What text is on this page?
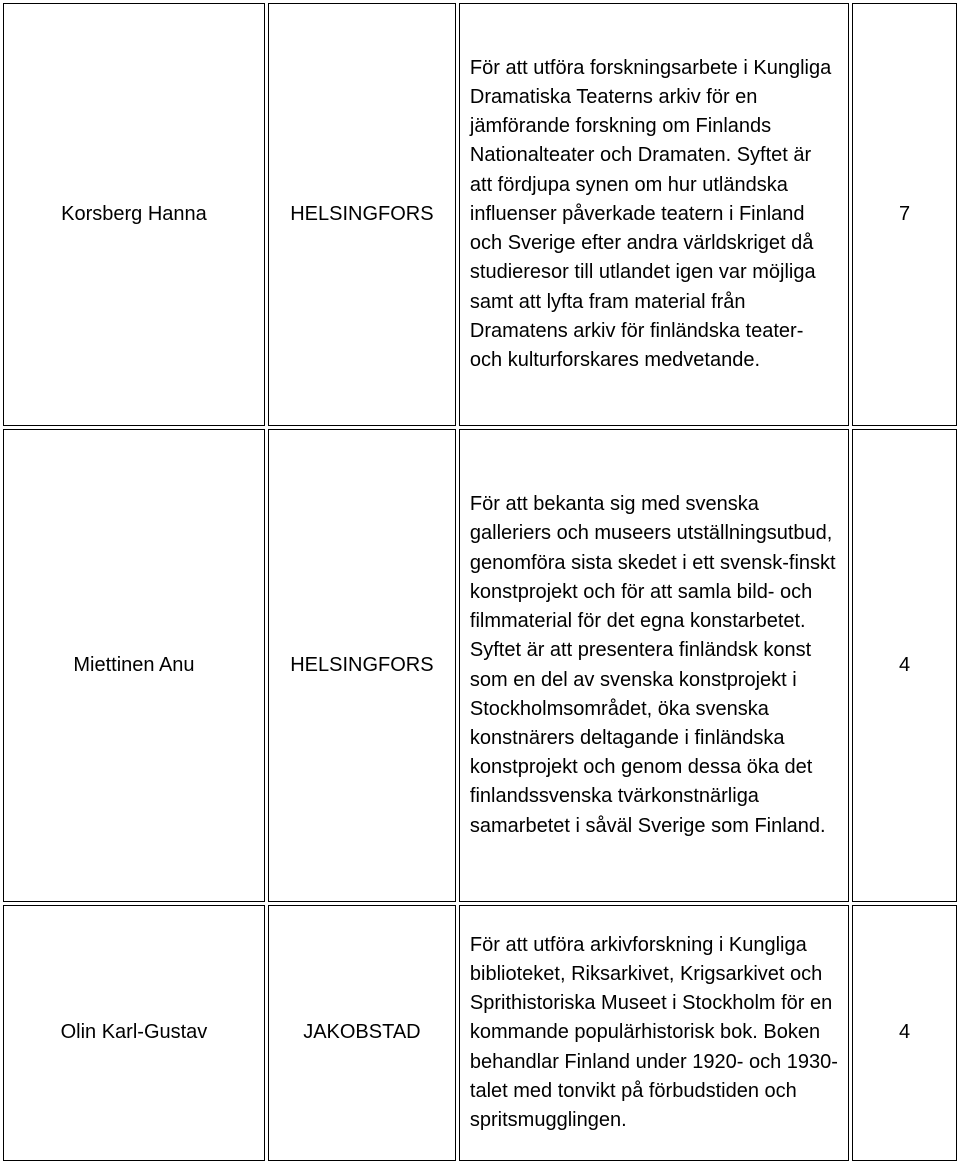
Korsberg Hanna	HELSINGFORS	För att utföra forskningsarbete i Kungliga Dramatiska Teaterns arkiv för en jämförande forskning om Finlands Nationalteater och Dramaten. Syftet är att fördjupa synen om hur utländska influenser påverkade teatern i Finland och Sverige efter andra världskriget då studieresor till utlandet igen var möjliga samt att lyfta fram material från Dramatens arkiv för finländska teater- och kulturforskares medvetande.	7
Miettinen Anu	HELSINGFORS	För att bekanta sig med svenska galleriers och museers utställningsutbud, genomföra sista skedet i ett svensk-finskt konstprojekt och för att samla bild- och filmmaterial för det egna konstarbetet. Syftet är att presentera finländsk konst som en del av svenska konstprojekt i Stockholmsområdet, öka svenska konstnärers deltagande i finländska konstprojekt och genom dessa öka det finlandssvenska tvärkonstnärliga samarbetet i såväl Sverige som Finland.	4
Olin Karl-Gustav	JAKOBSTAD	För att utföra arkivforskning i Kungliga biblioteket, Riksarkivet, Krigsarkivet och Sprithistoriska Museet i Stockholm för en kommande populärhistorisk bok. Boken behandlar Finland under 1920- och 1930-talet med tonvikt på förbudstiden och spritsmugglingen.	4
